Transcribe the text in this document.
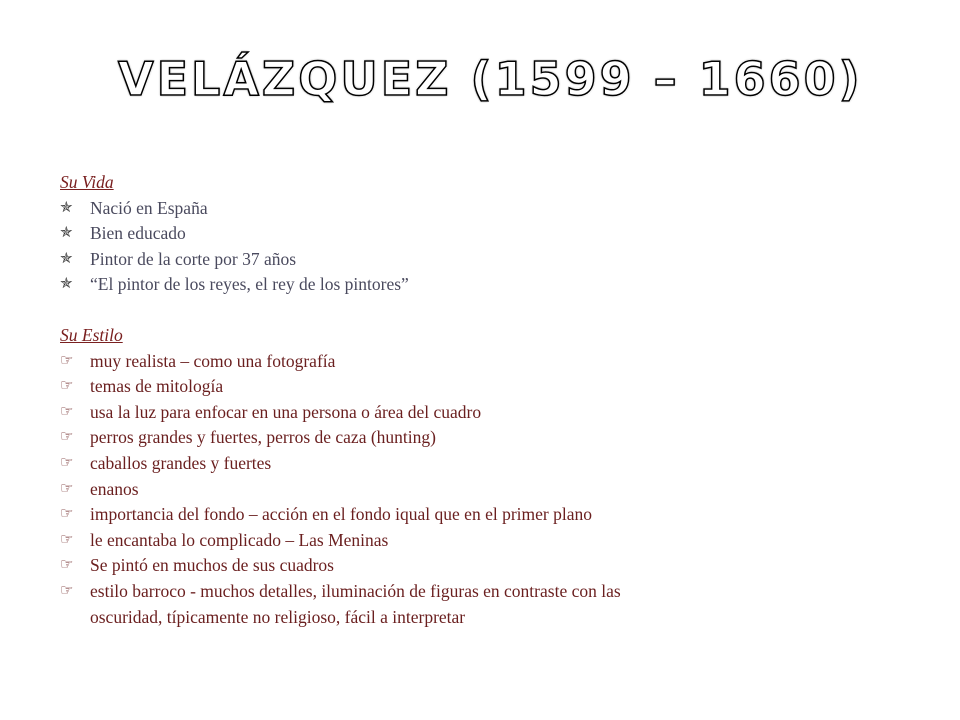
VELÁZQUEZ (1599 – 1660)
Su Vida
✯ Nació en España
✯ Bien educado
✯ Pintor de la corte por 37 años
✯ “El pintor de los reyes, el rey de los pintores”
Su Estilo
☞ muy realista – como una fotografía
☞ temas de mitología
☞ usa la luz para enfocar en una persona o área del cuadro
☞ perros grandes y fuertes, perros de caza (hunting)
☞ caballos grandes y fuertes
☞ enanos
☞ importancia del fondo – acción en el fondo iqual que en el primer plano
☞ le encantaba lo complicado – Las Meninas
☞ Se pintó en muchos de sus cuadros
☞ estilo barroco - muchos detalles, iluminación de figuras en contraste con las
oscuridad, típicamente no religioso, fácil a interpretar
